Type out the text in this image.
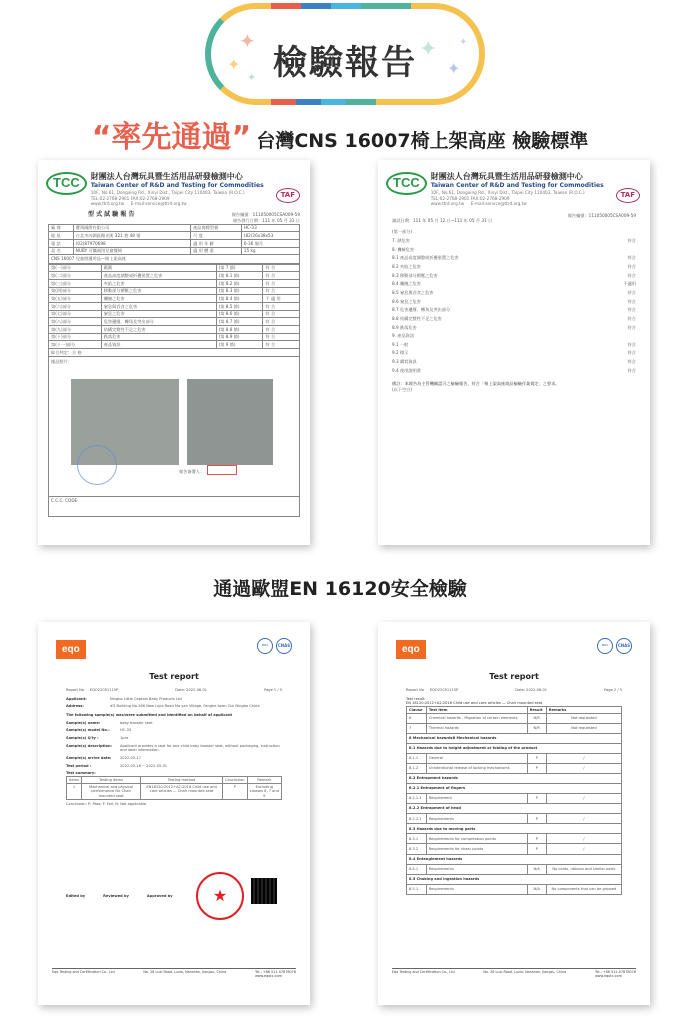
✦
✦
✦
✦
✦
✦
檢驗報告
“率先通過” 台灣CNS 16007椅上架高座 檢驗標準
TCC	財團法人台灣玩具暨生活用品研發檢測中心
Taiwan Center of R&D and Testing for Commodities
10F., No.61, Dongxing Rd., Xinyi Dist., Taipei City 110403, Taiwan (R.O.C.)
TEL:02-2768-2901 FAX:02-2768-2909
www.ttrd.org.tw E-mail:service@ttrd.org.tw
TAF
型 式 試 驗 報 告	報告編號：111050005CSA009-59
報告發行日期：111 年 05 月 31 日
廠 商	寶翔國際有限公司	產品商標型號	HC-33
地 址	台北市內湖區陽光街 321 巷 48 號	尺 度	(82)26x38x53
電 話	(02)87970698	適 用 年 齡	6-36 個月
品 名	NUBY 可攜兩用兒童餐椅	適 用 體 重	15 kg
CNS 16007 兒童照護用品—椅上架高座
第(一)部分	範圍	(第 7 節)	符 合
第(二)部分	產品高度調整或折疊裝置之危害	(第 8.1 節)	符 合
第(三)部分	夾陷之危害	(第 8.2 節)	符 合
第(四)部分	移動部分擠壓之危害	(第 8.3 節)	符 合
第(五)部分	纏繞之危害	(第 8.4 節)	不 適 用
第(六)部分	窒息與吞食之危害	(第 8.5 節)	符 合
第(七)部分	窒息之危害	(第 8.6 節)	符 合
第(八)部分	危害邊緣、轉角及突出部分	(第 8.7 節)	符 合
第(九)部分	結構完整性不足之危害	(第 8.8 節)	符 合
第(十)部分	跌落危害	(第 8.9 節)	符 合
第(十一)部分	產品資訊	(第 9 節)	符 合
綜合判定：合 格
樣品照片：
報告簽署人：
C.C.C. CODE
TCC	財團法人台灣玩具暨生活用品研發檢測中心
Taiwan Center of R&D and Testing for Commodities
10F., No.61, Dongxing Rd., Xinyi Dist., Taipei City 110403, Taiwan (R.O.C.)
TEL:02-2768-2901 FAX:02-2768-2909
www.ttrd.org.tw E-mail:service@ttrd.org.tw
TAF
報告編號：111050005CSA009-59
測試日期：111 年 05 月 12 日~111 年 05 月 31 日
(第一部分)
7. 熱危害	符合
8. 機械危害
8.1 產品高度調整或折疊裝置之危害	符合
8.2 夾陷之危害	符合
8.3 移動部分擠壓之危害	符合
8.4 纏繞之危害	不適用
8.5 窒息與吞食之危害	符合
8.6 窒息之危害	符合
8.7 危害邊緣、轉角及突出部分	符合
8.8 結構完整性不足之危害	符合
8.9 跌落危害	符合
9. 產品資訊
9.1 一般	符合
9.2 標示	符合
9.3 購買資訊	符合
9.4 使用說明書	符合
備註：本報告為主管機關認可之檢驗報告，符合「椅上架高座商品檢驗作業規定」之要求。
(以下空白)
通過歐盟EN 16120安全檢驗
eqo	MRA	CNAS
Test report
Report No ： EQO22051115P	Date: 2022-06-01	Page 1 / 5
Applicant:	Ningbo Little Captain Baby Products Ltd
Address:	#3 Building No.266 New Lujia Road Ma yan Village, Fenghe town Cixi Ningbo China
The following sample(s) was/were submitted and identified on behalf of applicant
Sample(s) name:	baby booster seat
Sample(s) model No.:	HC-33
Sample(s) Q'ty :	1pcs
Sample(s) description:	Applicant provides a seat for one child baby booster seat, without packaging, instruction and label information.
Sample(s) arrive date:	2022-05-17
Test period :	2022-05-18 ~ 2022-05-31
Test summary:
Items	Testing items	Testing method	Conclusion	Remark
1	Mechanical and physical performance for Chair mounted seat	EN16120:2012+A2:2016 Child use and care articles — Chair mounted seat	P	Excluding clauses 6, 7 and 9
Conclusion: P: Pass; F: Fail; N: Not applicable.
★
Edited by	Reviewed by	Approved by
Eqo Testing and Certification Co., Ltd	No. 28 Luxi Road, Luzia, Nanshan, Jiangsu, China	Tel.: +86 512-57878076
www.eqotc.com
eqo	MRA	CNAS
Test report
Report No ： EQO22051115P	Date: 2022-06-01	Page 2 / 5
Test result:
EN 16120:2012+A2:2016 Child use and care articles — Chair mounted seat
Clause	Test item	Result	Remarks
6	Chemical hazards - Migration of certain elements	N/R	Not requested
7	Thermal hazards	N/R	Not requested
8 Mechanical hazards8 Mechanical hazards			
8.1 Hazards due to height adjustment or folding of the product			
8.1.1	General	P	/
8.1.2	Unintentional release of locking mechanisms	P	/
8.2 Entrapment hazards			
8.2.1 Entrapment of fingers			
8.2.1.1	Requirement	P	/
8.2.2 Entrapment of head			
8.2.2.1	Requirements	P	/
8.3 Hazards due to moving parts			
8.3.1	Requirements for compression points	P	/
8.3.2	Requirements for shear points	P	/
8.4 Entanglement hazards			
8.4.1	Requirements	N/A	No cords, ribbons and similar parts
8.5 Choking and ingestion hazards			
8.5.1	Requirements	N/A	No components that can be gripped
Eqo Testing and Certification Co., Ltd	No. 28 Luxi Road, Luzia, Nanshan, Jiangsu, China	Tel.: +86 512-57878076
www.eqotc.com
